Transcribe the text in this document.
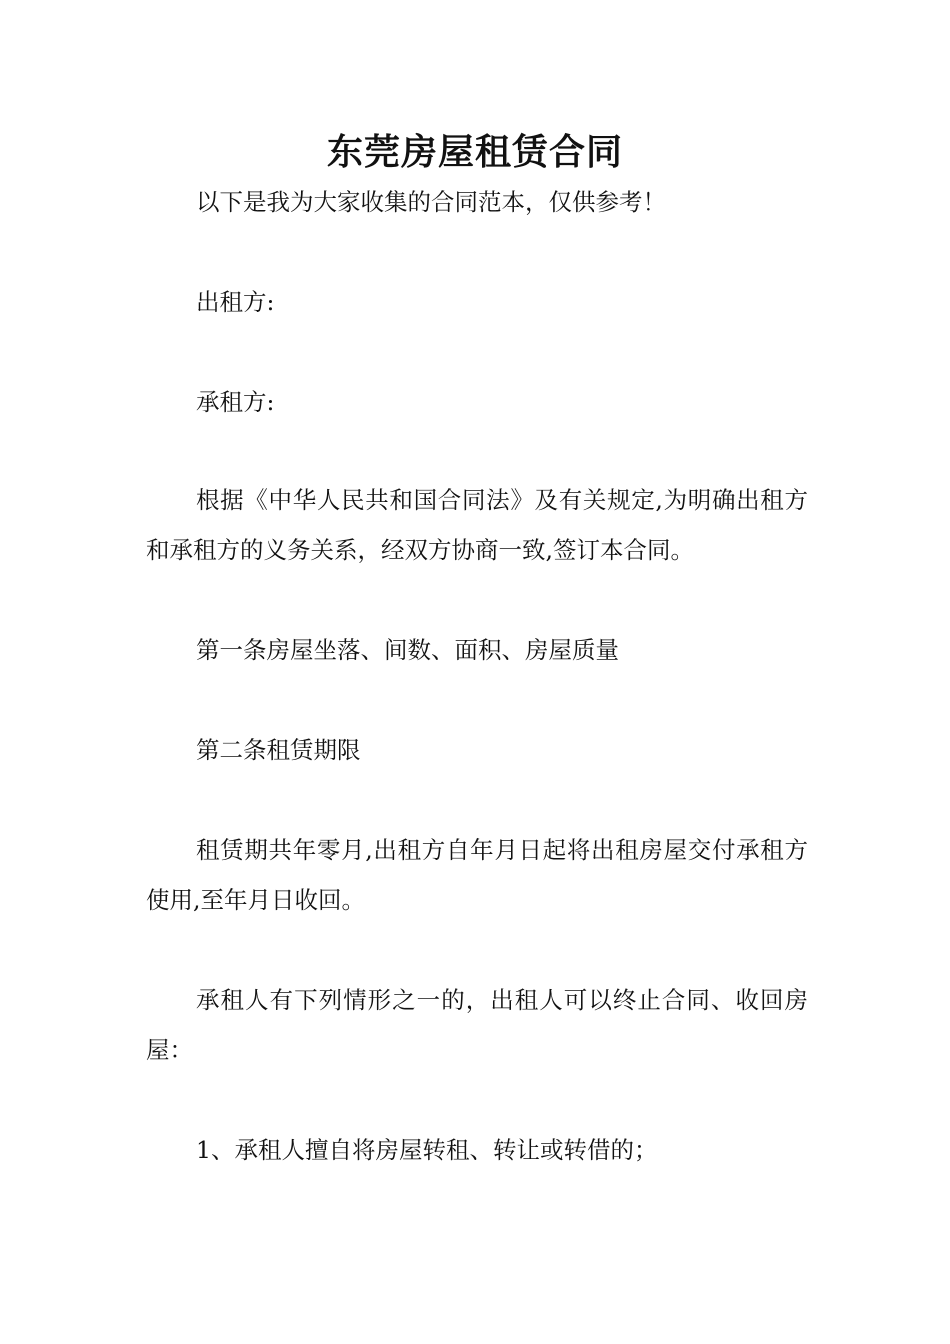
东莞房屋租赁合同

以下是我为大家收集的合同范本，仅供参考！

出租方:

承租方:

根据《中华人民共和国合同法》及有关规定,为明确出租方和承租方的义务关系，经双方协商一致,签订本合同。

第一条房屋坐落、间数、面积、房屋质量

第二条租赁期限

租赁期共年零月,出租方自年月日起将出租房屋交付承租方使用,至年月日收回。

承租人有下列情形之一的，出租人可以终止合同、收回房屋：

1、承租人擅自将房屋转租、转让或转借的；
